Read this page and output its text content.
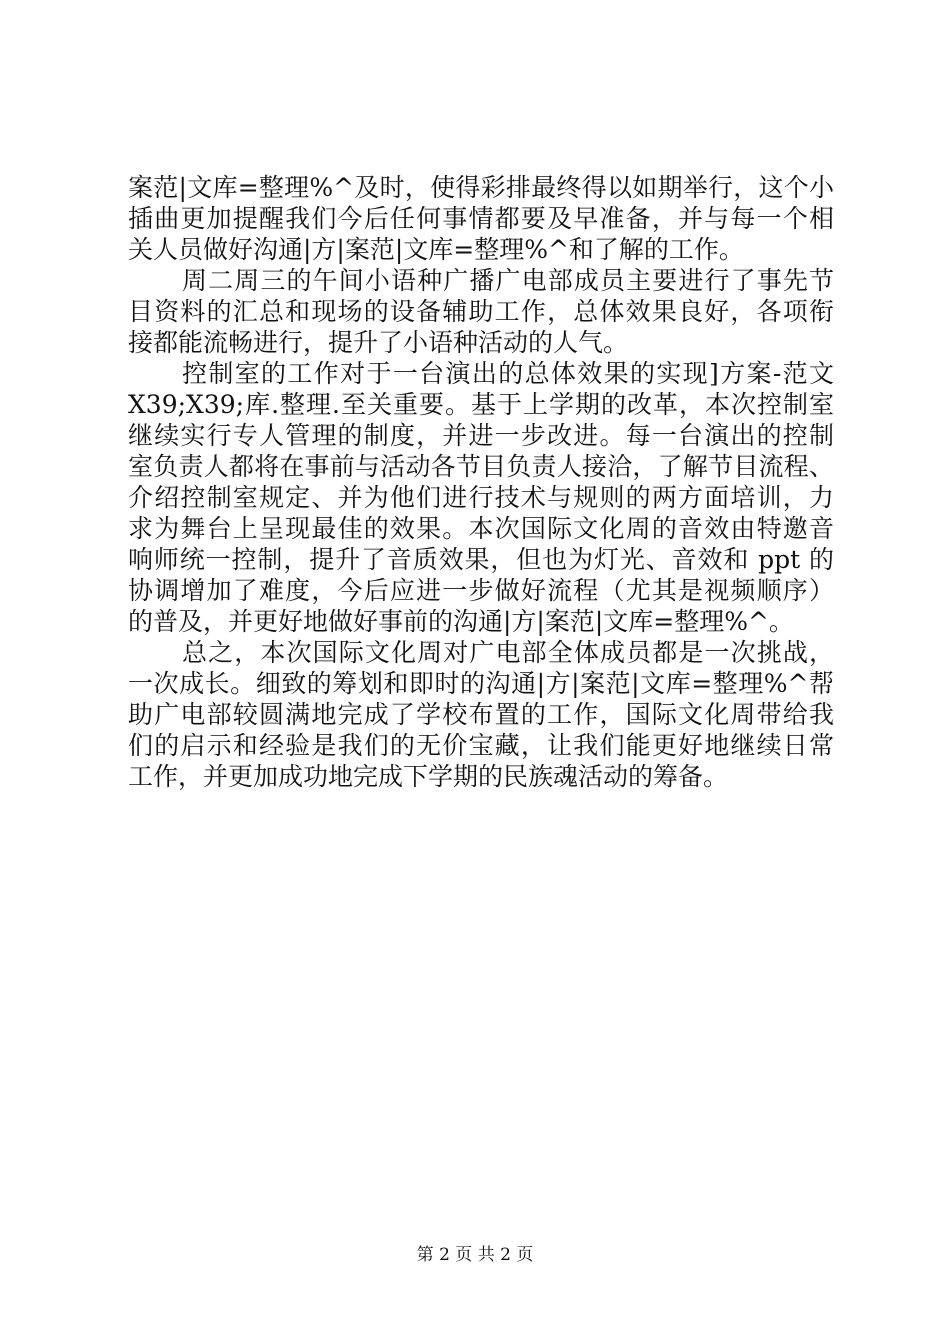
案范|文库=整理%^及时，使得彩排最终得以如期举行，这个小
插曲更加提醒我们今后任何事情都要及早准备，并与每一个相
关人员做好沟通|方|案范|文库=整理%^和了解的工作。
周二周三的午间小语种广播广电部成员主要进行了事先节
目资料的汇总和现场的设备辅助工作，总体效果良好，各项衔
接都能流畅进行，提升了小语种活动的人气。
控制室的工作对于一台演出的总体效果的实现]方案-范文
X39;X39;库.整理.至关重要。基于上学期的改革，本次控制室
继续实行专人管理的制度，并进一步改进。每一台演出的控制
室负责人都将在事前与活动各节目负责人接洽，了解节目流程、
介绍控制室规定、并为他们进行技术与规则的两方面培训，力
求为舞台上呈现最佳的效果。本次国际文化周的音效由特邀音
响师统一控制，提升了音质效果，但也为灯光、音效和 ppt 的
协调增加了难度，今后应进一步做好流程（尤其是视频顺序）
的普及，并更好地做好事前的沟通|方|案范|文库=整理%^。
总之，本次国际文化周对广电部全体成员都是一次挑战，
一次成长。细致的筹划和即时的沟通|方|案范|文库=整理%^帮
助广电部较圆满地完成了学校布置的工作，国际文化周带给我
们的启示和经验是我们的无价宝藏，让我们能更好地继续日常
工作，并更加成功地完成下学期的民族魂活动的筹备。
第 2 页 共 2 页
